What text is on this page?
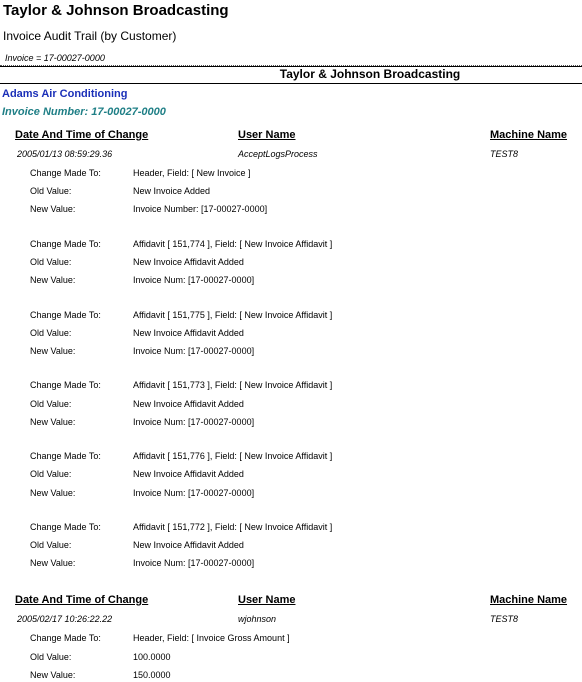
Taylor & Johnson Broadcasting
Invoice Audit Trail (by Customer)
Invoice = 17-00027-0000
Taylor & Johnson Broadcasting
Adams Air Conditioning
Invoice Number: 17-00027-0000
Date And Time of Change	User Name	Machine Name
2005/01/13 08:59:29.36	AcceptLogsProcess	TEST8
Change Made To:	Header, Field: [ New Invoice ]
Old Value:	New Invoice Added
New Value:	Invoice Number: [17-00027-0000]
Change Made To:	Affidavit [ 151,774 ], Field: [ New Invoice Affidavit ]
Old Value:	New Invoice Affidavit Added
New Value:	Invoice Num: [17-00027-0000]
Change Made To:	Affidavit [ 151,775 ], Field: [ New Invoice Affidavit ]
Old Value:	New Invoice Affidavit Added
New Value:	Invoice Num: [17-00027-0000]
Change Made To:	Affidavit [ 151,773 ], Field: [ New Invoice Affidavit ]
Old Value:	New Invoice Affidavit Added
New Value:	Invoice Num: [17-00027-0000]
Change Made To:	Affidavit [ 151,776 ], Field: [ New Invoice Affidavit ]
Old Value:	New Invoice Affidavit Added
New Value:	Invoice Num: [17-00027-0000]
Change Made To:	Affidavit [ 151,772 ], Field: [ New Invoice Affidavit ]
Old Value:	New Invoice Affidavit Added
New Value:	Invoice Num: [17-00027-0000]
Date And Time of Change	User Name	Machine Name
2005/02/17 10:26:22.22	wjohnson	TEST8
Change Made To:	Header, Field: [ Invoice Gross Amount ]
Old Value:	100.0000
New Value:	150.0000
